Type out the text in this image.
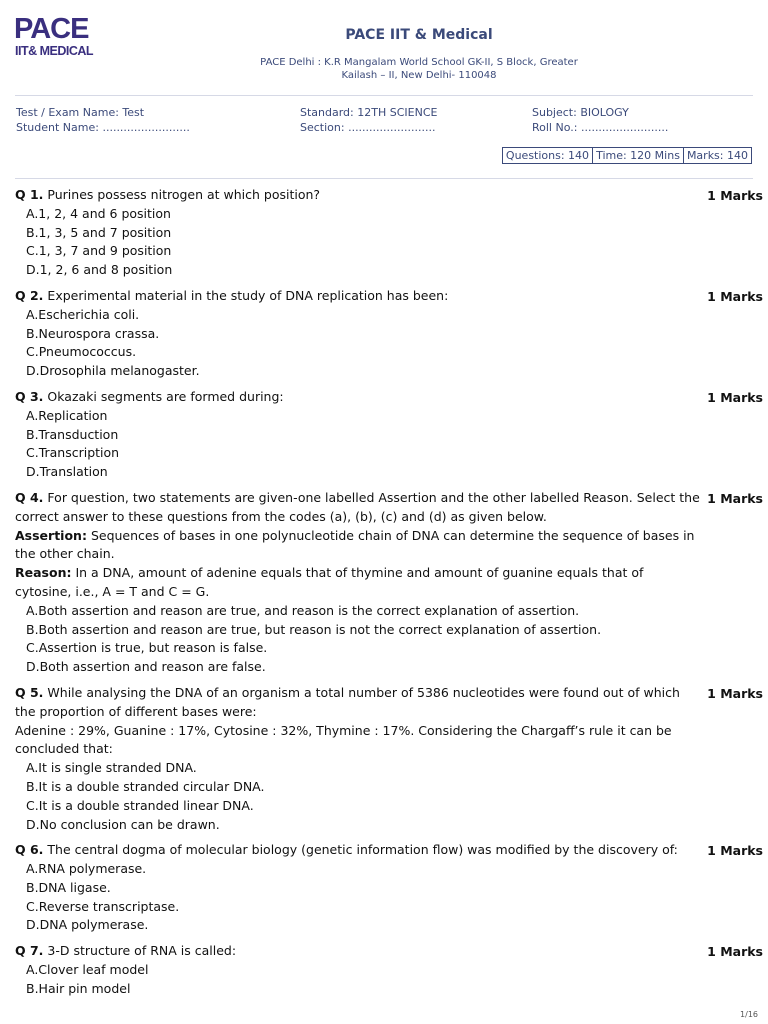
PACE
IIT& MEDICAL
PACE IIT & Medical
PACE Delhi : K.R Mangalam World School GK-II, S Block, Greater
Kailash – II, New Delhi- 110048
Test / Exam Name: Test
Student Name: .........................
Standard: 12TH SCIENCE
Section: .........................
Subject: BIOLOGY
Roll No.: .........................
Questions: 140 Time: 120 Mins Marks: 140
Q 1. Purines possess nitrogen at which position?	1 Marks
A.1, 2, 4 and 6 position
B.1, 3, 5 and 7 position
C.1, 3, 7 and 9 position
D.1, 2, 6 and 8 position
Q 2. Experimental material in the study of DNA replication has been:	1 Marks
A.Escherichia coli.
B.Neurospora crassa.
C.Pneumococcus.
D.Drosophila melanogaster.
Q 3. Okazaki segments are formed during:	1 Marks
A.Replication
B.Transduction
C.Transcription
D.Translation
Q 4. For question, two statements are given-one labelled Assertion and the other labelled Reason. Select the correct answer to these questions from the codes (a), (b), (c) and (d) as given below.
1 Marks
Assertion: Sequences of bases in one polynucleotide chain of DNA can determine the sequence of bases in the other chain.
Reason: In a DNA, amount of adenine equals that of thymine and amount of guanine equals that of cytosine, i.e., A = T and C = G.
A.Both assertion and reason are true, and reason is the correct explanation of assertion.
B.Both assertion and reason are true, but reason is not the correct explanation of assertion.
C.Assertion is true, but reason is false.
D.Both assertion and reason are false.
Q 5. While analysing the DNA of an organism a total number of 5386 nucleotides were found out of which the proportion of different bases were:
1 Marks
Adenine : 29%, Guanine : 17%, Cytosine : 32%, Thymine : 17%. Considering the Chargaff’s rule it can be concluded that:
A.It is single stranded DNA.
B.It is a double stranded circular DNA.
C.It is a double stranded linear DNA.
D.No conclusion can be drawn.
Q 6. The central dogma of molecular biology (genetic information flow) was modified by the discovery of:	1 Marks
A.RNA polymerase.
B.DNA ligase.
C.Reverse transcriptase.
D.DNA polymerase.
Q 7. 3-D structure of RNA is called:	1 Marks
A.Clover leaf model
B.Hair pin model
1/16
